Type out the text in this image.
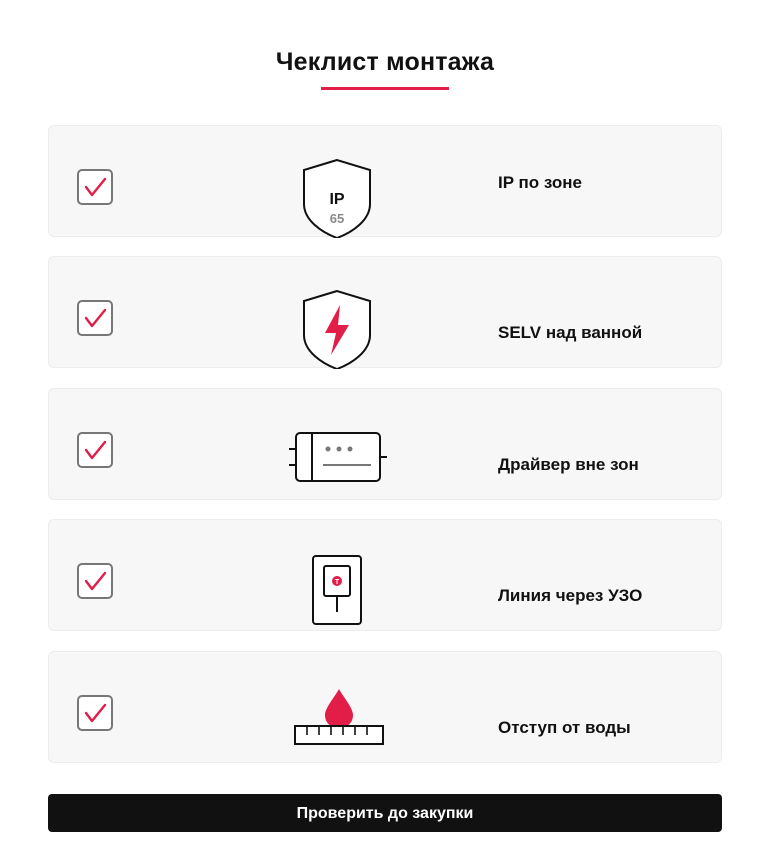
Чеклист монтажа
IP
65
IP по зоне
SELV над ванной
Драйвер вне зон
T
Линия через УЗО
Отступ от воды
Проверить до закупки
